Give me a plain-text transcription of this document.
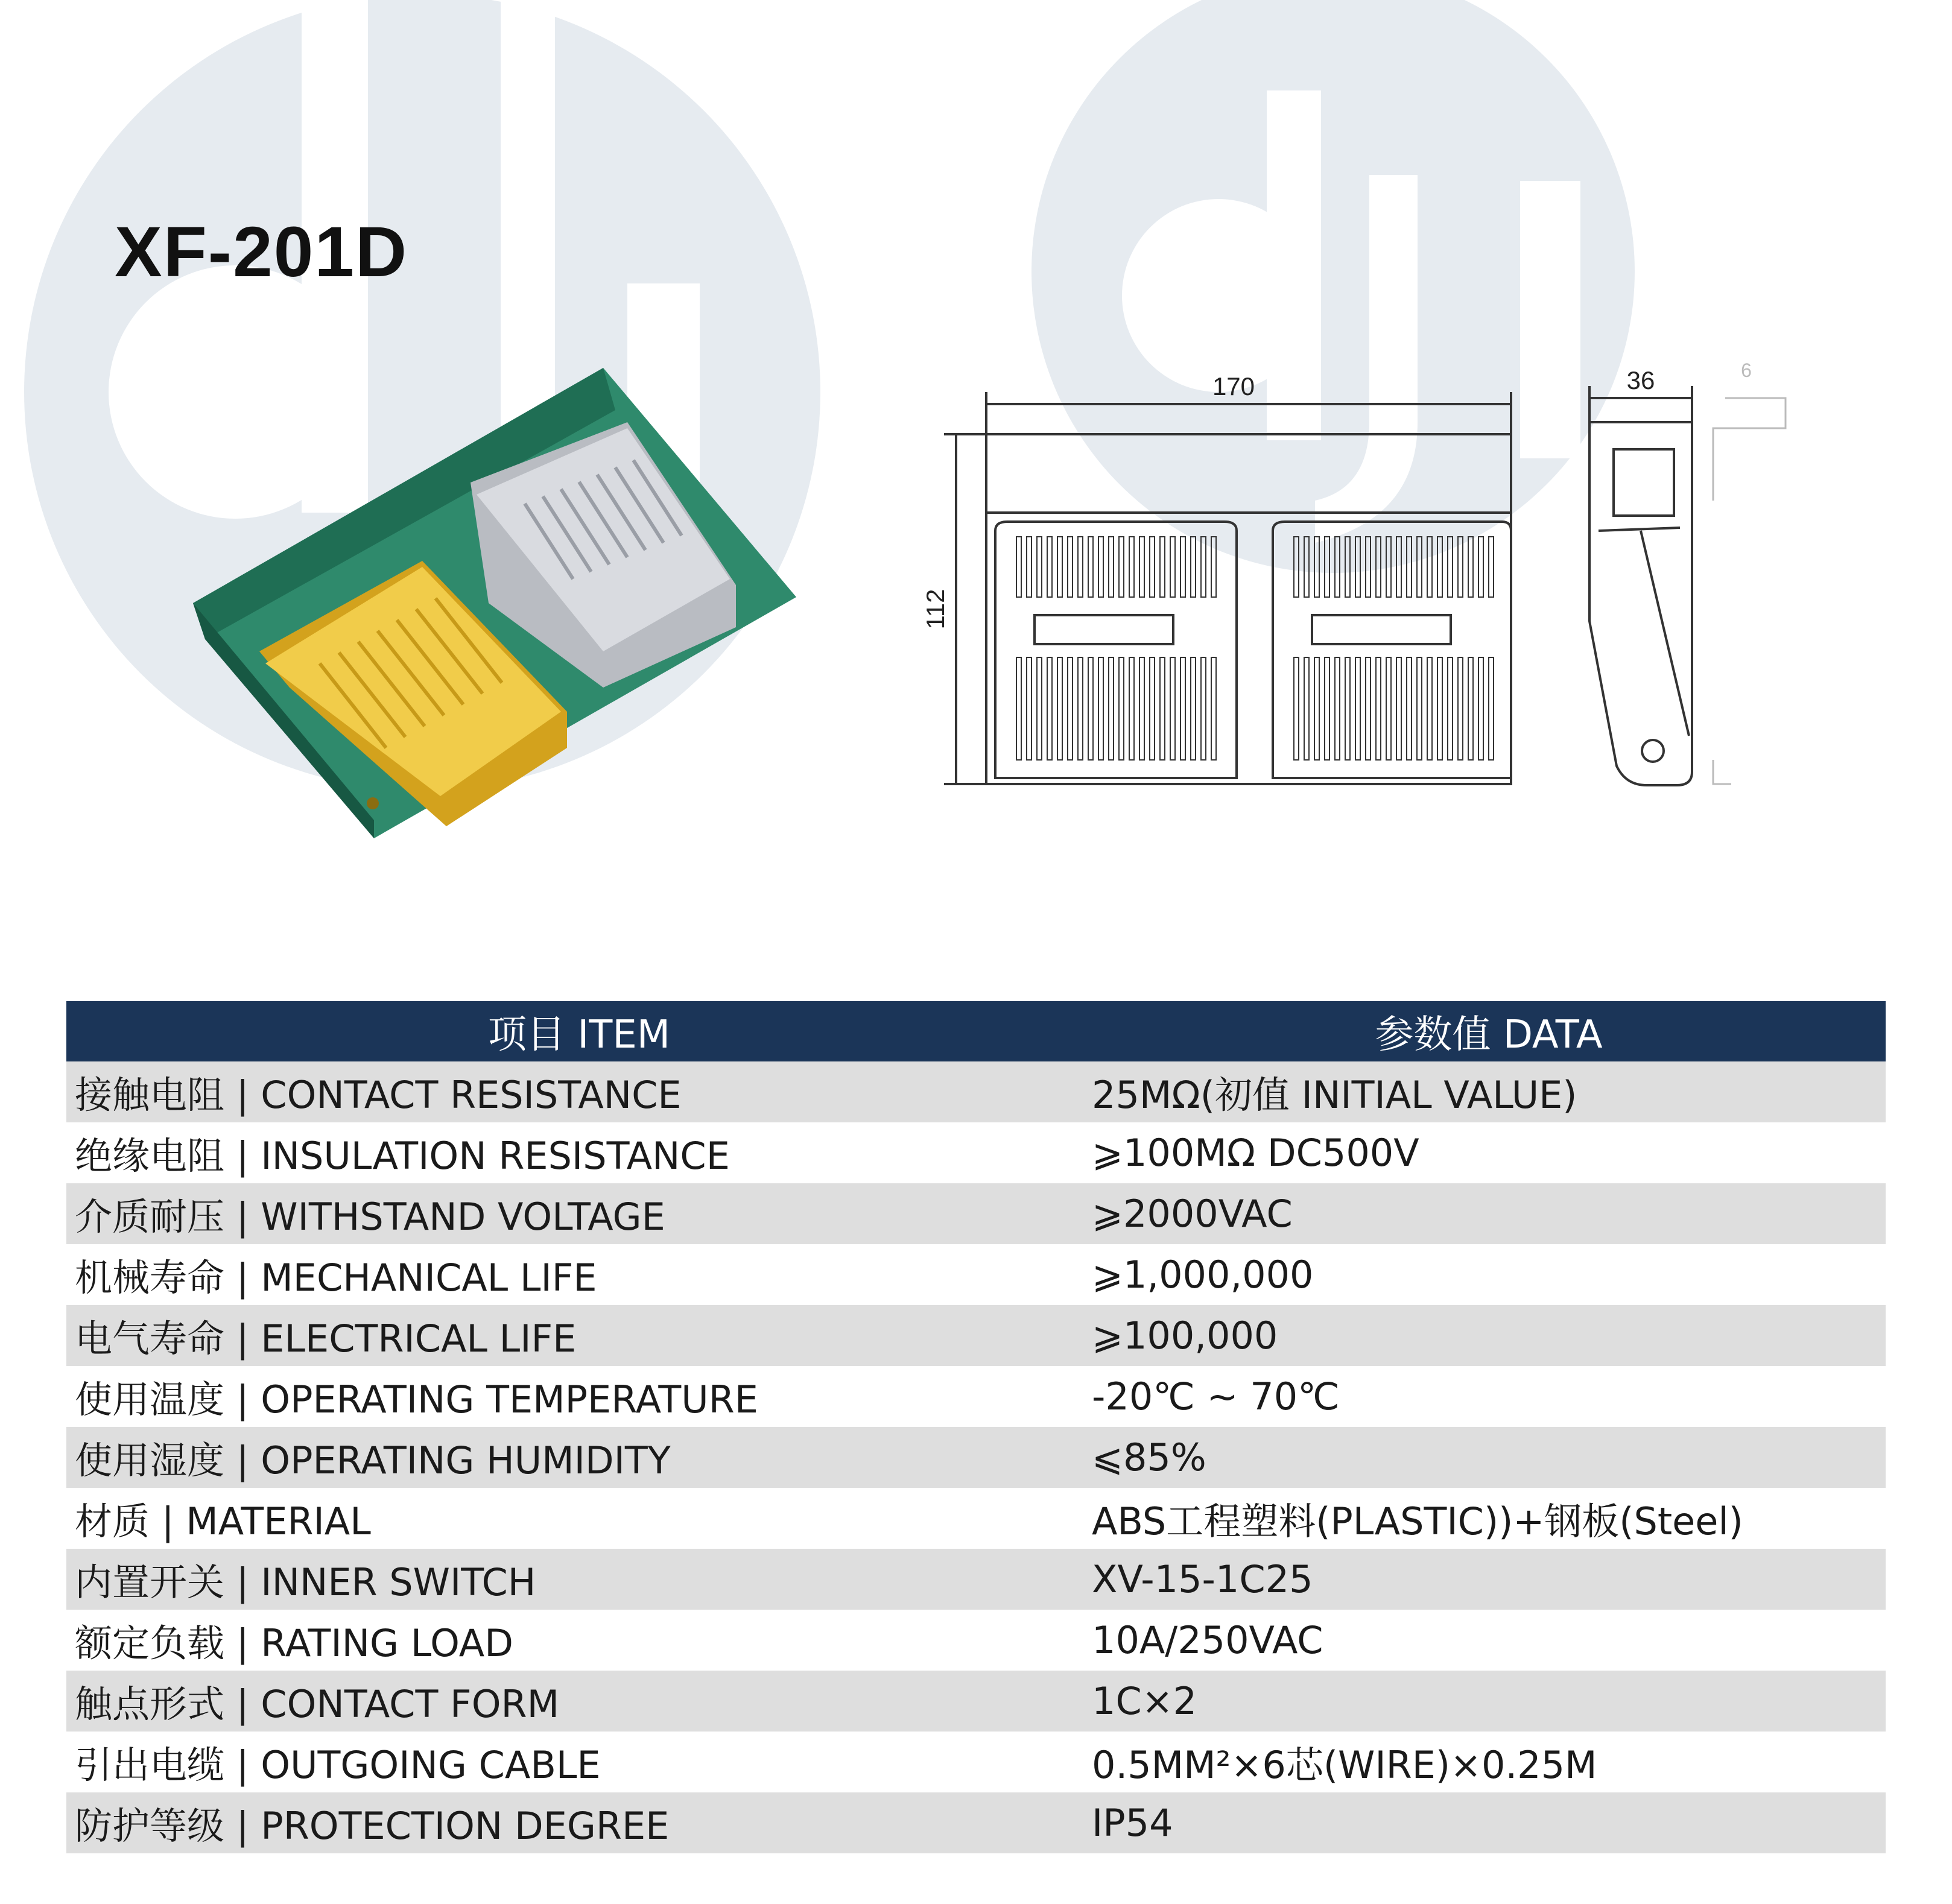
XF-201D
170
112
36	6
项目 ITEM	参数值 DATA
接触电阻 | CONTACT RESISTANCE	25MΩ(初值 INITIAL VALUE)
绝缘电阻 | INSULATION RESISTANCE	⩾100MΩ DC500V
介质耐压 | WITHSTAND VOLTAGE	⩾2000VAC
机械寿命 | MECHANICAL LIFE	⩾1,000,000
电气寿命 | ELECTRICAL LIFE	⩾100,000
使用温度 | OPERATING TEMPERATURE	-20℃ ~ 70℃
使用湿度 | OPERATING HUMIDITY	⩽85%
材质 | MATERIAL	ABS工程塑料(PLASTIC))+钢板(Steel)
内置开关 | INNER SWITCH	XV-15-1C25
额定负载 | RATING LOAD	10A/250VAC
触点形式 | CONTACT FORM	1C×2
引出电缆 | OUTGOING CABLE	0.5MM²×6芯(WIRE)×0.25M
防护等级 | PROTECTION DEGREE	IP54
